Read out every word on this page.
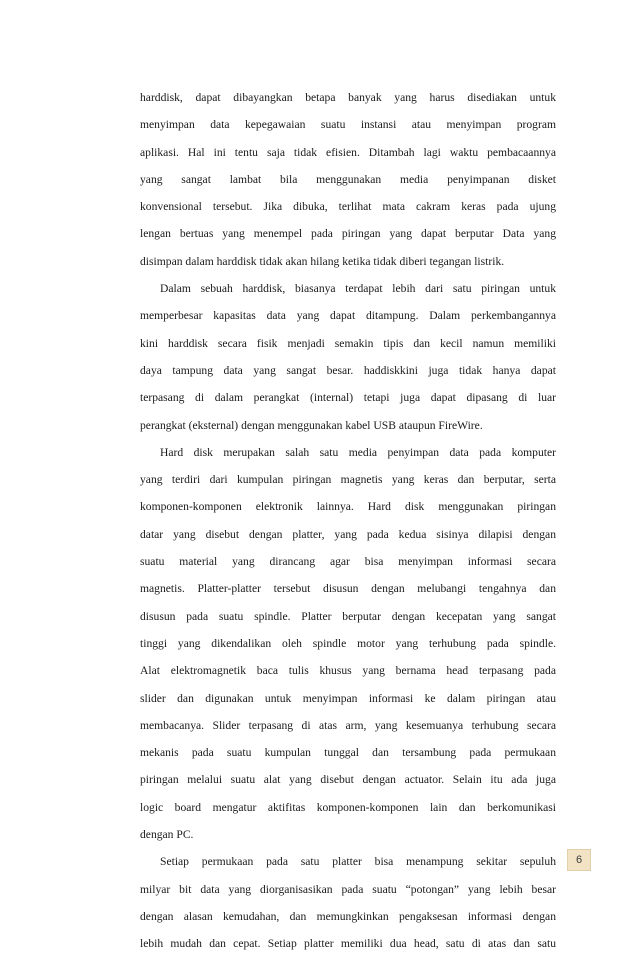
harddisk, dapat dibayangkan betapa banyak yang harus disediakan untuk
menyimpan data kepegawaian suatu instansi atau menyimpan program
aplikasi. Hal ini tentu saja tidak efisien. Ditambah lagi waktu pembacaannya
yang sangat lambat bila menggunakan media penyimpanan disket
konvensional tersebut. Jika dibuka, terlihat mata cakram keras pada ujung
lengan bertuas yang menempel pada piringan yang dapat berputar Data yang
disimpan dalam harddisk tidak akan hilang ketika tidak diberi tegangan listrik.
Dalam sebuah harddisk, biasanya terdapat lebih dari satu piringan untuk
memperbesar kapasitas data yang dapat ditampung. Dalam perkembangannya
kini harddisk secara fisik menjadi semakin tipis dan kecil namun memiliki
daya tampung data yang sangat besar. haddiskkini juga tidak hanya dapat
terpasang di dalam perangkat (internal) tetapi juga dapat dipasang di luar
perangkat (eksternal) dengan menggunakan kabel USB ataupun FireWire.
Hard disk merupakan salah satu media penyimpan data pada komputer
yang terdiri dari kumpulan piringan magnetis yang keras dan berputar, serta
komponen-komponen elektronik lainnya. Hard disk menggunakan piringan
datar yang disebut dengan platter, yang pada kedua sisinya dilapisi dengan
suatu material yang dirancang agar bisa menyimpan informasi secara
magnetis. Platter-platter tersebut disusun dengan melubangi tengahnya dan
disusun pada suatu spindle. Platter berputar dengan kecepatan yang sangat
tinggi yang dikendalikan oleh spindle motor yang terhubung pada spindle.
Alat elektromagnetik baca tulis khusus yang bernama head terpasang pada
slider dan digunakan untuk menyimpan informasi ke dalam piringan atau
membacanya. Slider terpasang di atas arm, yang kesemuanya terhubung secara
mekanis pada suatu kumpulan tunggal dan tersambung pada permukaan
piringan melalui suatu alat yang disebut dengan actuator. Selain itu ada juga
logic board mengatur aktifitas komponen-komponen lain dan berkomunikasi
dengan PC.
Setiap permukaan pada satu platter bisa menampung sekitar sepuluh
milyar bit data yang diorganisasikan pada suatu “potongan” yang lebih besar
dengan alasan kemudahan, dan memungkinkan pengaksesan informasi dengan
lebih mudah dan cepat. Setiap platter memiliki dua head, satu di atas dan satu
6
